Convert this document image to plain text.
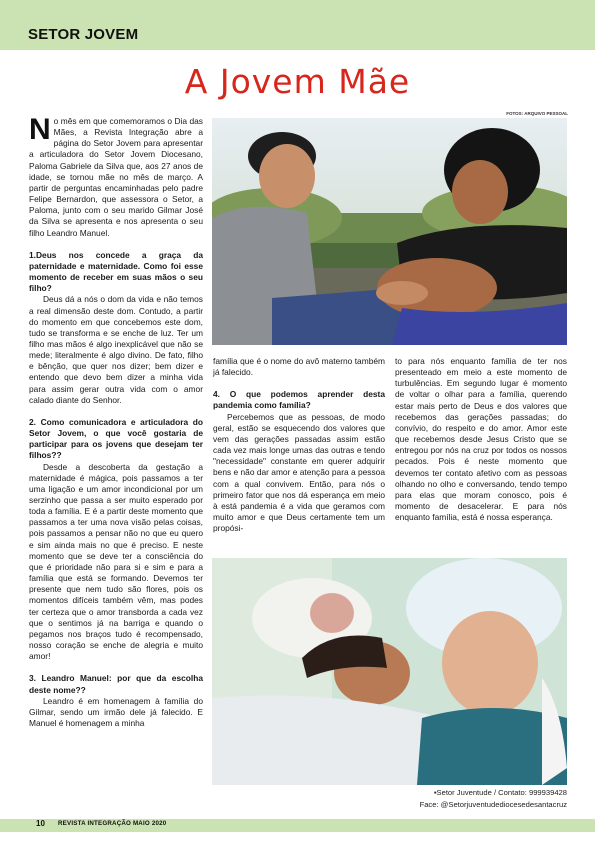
SETOR JOVEM
A Jovem Mãe
FOTOS: ARQUIVO PESSOAL

No mês em que comemoramos o Dia das Mães, a Revista Integração abre a página do Setor Jovem para apresentar a articuladora do Setor Jovem Diocesano, Paloma Gabriele da Silva que, aos 27 anos de idade, se tornou mãe no mês de março. A partir de perguntas encaminhadas pelo padre Felipe Bernardon, que assessora o Setor, a Paloma, junto com o seu marido Gilmar José da Silva se apresenta e nos apresenta o seu filho Leandro Manuel.

1.Deus nos concede a graça da paternidade e maternidade. Como foi esse momento de receber em suas mãos o seu filho?

Deus dá a nós o dom da vida e não temos a real dimensão deste dom. Contudo, a partir do momento em que concebemos este dom, tudo se transforma e se enche de luz. Ter um filho mas mãos é algo inexplicável que não se mede; literalmente é algo divino. De fato, filho e bênção, que quer nos dizer; bem dizer e entendo que devo bem dizer a minha vida para assim gerar outra vida com o amor calado diante do Senhor.

2. Como comunicadora e articuladora do Setor Jovem, o que você gostaria de participar para os jovens que desejam ter filhos??

Desde a descoberta da gestação a maternidade é mágica, pois passamos a ter uma ligação e um amor incondicional por um serzinho que passa a ser muito esperado por toda a família. E é a partir deste momento que passamos a ter uma nova visão pelas coisas, pois passamos a pensar não no que eu quero e sim ainda mais no que é preciso. E neste momento que se deve ter a consciência do que é prioridade não para si e sim e para a família que está se formando. Devemos ter presente que nem tudo são flores, pois os momentos difíceis também vêm, mas podes ter certeza que o amor transborda a cada vez que o sentimos já na barriga e quando o pegamos nos braços tudo é recompensado, nosso coração se enche de alegria e muito amor!

3. Leandro Manuel: por que da escolha deste nome??

Leandro é em homenagem à família do Gilmar, sendo um irmão dele já falecido. E Manuel é homenagem a minha

família que é o nome do avô materno também já falecido.

4. O que podemos aprender desta pandemia como família?

Percebemos que as pessoas, de modo geral, estão se esquecendo dos valores que vem das gerações passadas assim estão cada vez mais longe umas das outras e tendo "necessidade" constante em querer adquirir bens e não dar amor e atenção para a pessoa com a qual convivem. Então, para nós o primeiro fator que nos dá esperança em meio à está pandemia é a vida que geramos com muito amor e que Deus certamente tem um propósi-

to para nós enquanto família de ter nos presenteado em meio a este momento de turbulências. Em segundo lugar é momento de voltar o olhar para a família, querendo estar mais perto de Deus e dos valores que recebemos das gerações passadas; do convívio, do respeito e do amor. Amor este que recebemos desde Jesus Cristo que se entregou por nós na cruz por todos os nossos pecados. Pois é neste momento que devemos ter contato afetivo com as pessoas olhando no olho e conversando, tendo tempo para elas que moram conosco, pois é momento de desacelerar. E para nós enquanto família, está é nossa esperança.

▪Setor Juventude / Contato: 999939428
Face: @Setorjuventudediocesedesantacruz
10 REVISTA INTEGRAÇÃO MAIO 2020
